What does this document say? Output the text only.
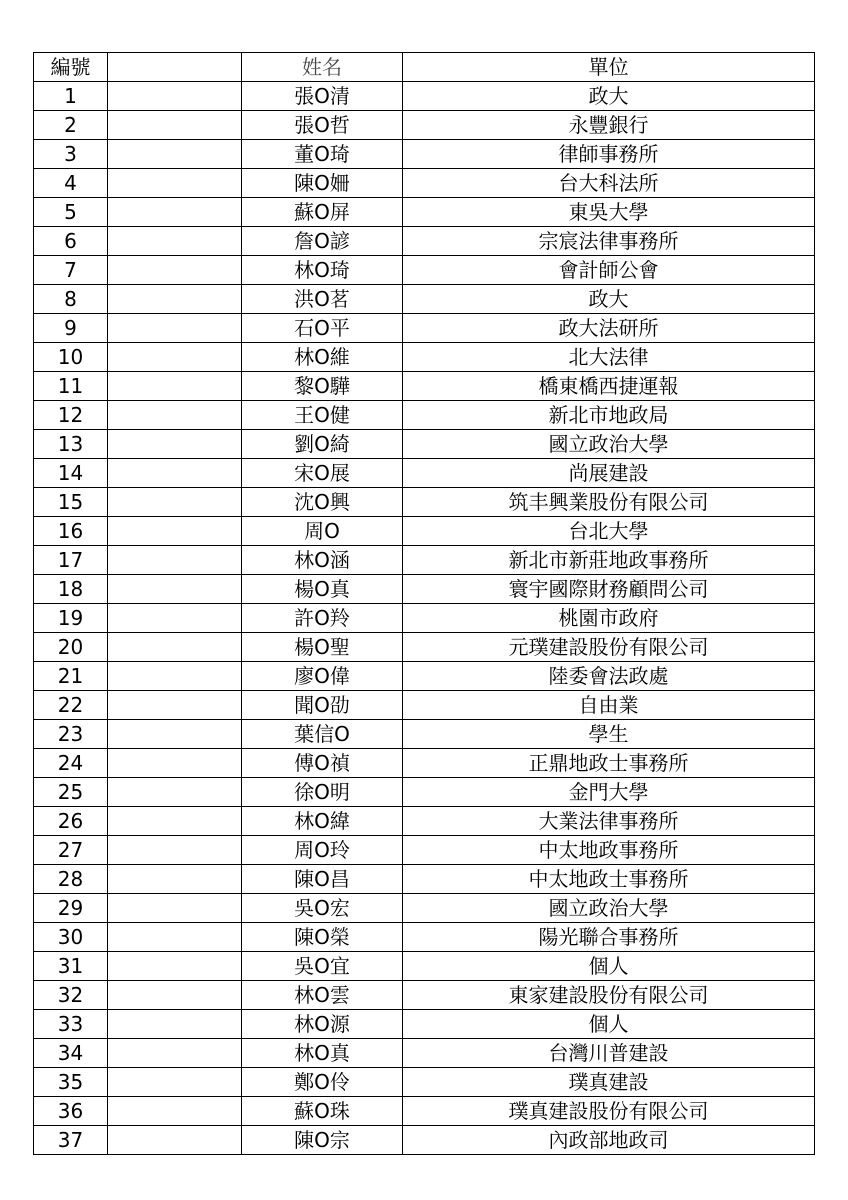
編號		姓名	單位
1		張O清	政大
2		張O哲	永豐銀行
3		董O琦	律師事務所
4		陳O姍	台大科法所
5		蘇O屏	東吳大學
6		詹O諺	宗宸法律事務所
7		林O琦	會計師公會
8		洪O茗	政大
9		石O平	政大法研所
10		林O維	北大法律
11		黎O驊	橋東橋西捷運報
12		王O健	新北市地政局
13		劉O綺	國立政治大學
14		宋O展	尚展建設
15		沈O興	筑丰興業股份有限公司
16		周O	台北大學
17		林O涵	新北市新莊地政事務所
18		楊O真	寰宇國際財務顧問公司
19		許O羚	桃園市政府
20		楊O聖	元璞建設股份有限公司
21		廖O偉	陸委會法政處
22		聞O劭	自由業
23		葉信O	學生
24		傅O禎	正鼎地政士事務所
25		徐O明	金門大學
26		林O緯	大業法律事務所
27		周O玲	中太地政事務所
28		陳O昌	中太地政士事務所
29		吳O宏	國立政治大學
30		陳O榮	陽光聯合事務所
31		吳O宜	個人
32		林O雲	東家建設股份有限公司
33		林O源	個人
34		林O真	台灣川普建設
35		鄭O伶	璞真建設
36		蘇O珠	璞真建設股份有限公司
37		陳O宗	內政部地政司
